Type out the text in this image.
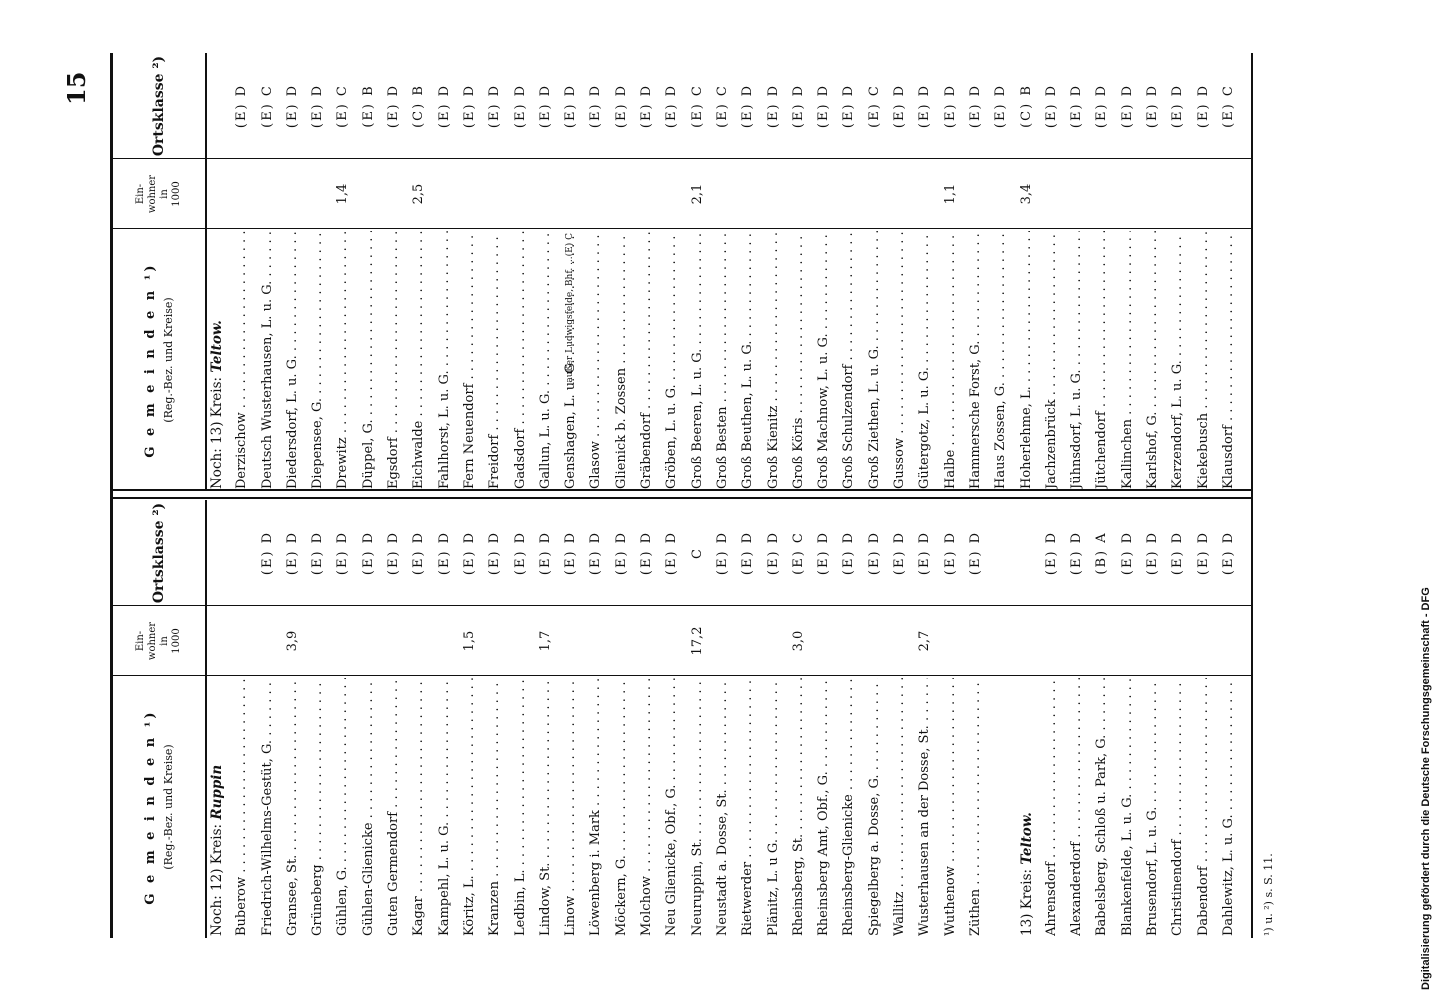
15
G e m e i n d e n ¹) (Reg.-Bez. und Kreise)
Ein-
wohner
in
1000
Ortsklasse ²)
Noch: 12) Kreis: Ruppin
Buberow . . . Friedrich-Wilhelms-Gestüt, G. . . .
(E) D
Gransee, St. . . .
3,9
(E) D
Grüneberg . . .
(E) D
Gühlen, G. . . .
(E) D
Gühlen-Glienicke . . .
(E) D
Guten Germendorf . . .
(E) D
Kagar . . .
(E) D
Kampehl, L. u. G. . . .
(E) D
Köritz, L. . . .
1,5
(E) D
Kranzen . . .
(E) D
Ledbin, L. . . .
(E) D
Lindow, St. . . .
1,7
(E) D
Linow . . .
(E) D
Löwenberg i. Mark . . .
(E) D
Möckern, G. . . .
(E) D
Molchow . . .
(E) D
Neu Glienicke, Obf., G. . . .
(E) D
Neuruppin, St. . . .
17,2
C
Neustadt a. Dosse, St. . . .
(E) D
Rietwerder . . .
(E) D
Plänitz, L. u G. . . .
(E) D
Rheinsberg, St. . . .
3,0
(E) C
Rheinsberg Amt, Obf., G. . . .
(E) D
Rheinsberg-Glienicke . . .
(E) D
Spiegelberg a. Dosse, G. . . .
(E) D
Wallitz . . .
(E) D
Wusterhausen an der Dosse, St. . . .
2,7
(E) D
Wuthenow . . .
(E) D
Züthen . . .
(E) D
13) Kreis: Teltow.
Ahrensdorf . . .
(E) D
Alexanderdorf . . .
(E) D
Babelsberg, Schloß u. Park, G. . . .
(B) A
Blankenfelde, L. u. G. . . .
(E) D
Brusendorf, L. u. G. . . .
(E) D
Christinendorf . . .
(E) D
Dabendorf . . .
(E) D
Dahlewitz, L. u. G. . . .
(E) D
G e m e i n d e n ¹) (Reg.-Bez. und Kreise)
Ein-
wohner
in
1000
Ortsklasse ²)
Noch: 13) Kreis: Teltow.
Derzischow . . .
(E) D
Deutsch Wusterhausen, L. u. G. . . .
(E) C
Diedersdorf, L. u. G. . . .
(E) D
Diepensee, G. . . .
(E) D
Drewitz . . .
1,4
(E) C
Düppel, G. . . .
(E) B
Egsdorf . . .
(E) D
Eichwalde . . .
2,5
(C) B
Fahlhorst, L. u. G. . . .
(E) D
Fern Neuendorf . . .
(E) D
Freidorf . . .
(E) D
Gadsdorf . . .
(E) D
Gallun, L. u. G. . . .
(E) D
Genshagen, L. u. G. . . .
außer Ludwigsfelde, Bhf. ...(E) C
(E) D
Glasow . . .
(E) D
Glienick b. Zossen . . .
(E) D
Gräbendorf . . .
(E) D
Gröben, L. u. G. . . .
(E) D
Groß Beeren, L. u. G. . . .
2,1
(E) C
Groß Besten . . .
(E) C
Groß Beuthen, L. u. G. . . .
(E) D
Groß Kienitz . . .
(E) D
Groß Köris . . .
(E) D
Groß Machnow, L. u. G. . . .
(E) D
Groß Schulzendorf . . .
(E) D
Groß Ziethen, L. u. G. . . .
(E) C
Gussow . . .
(E) D
Gütergotz, L. u. G. . . .
(E) D
Halbe . . .
1,1
(E) D
Hammersche Forst, G. . . .
(E) D
Haus Zossen, G. . . .
(E) D
Hoherlehme, L. . . .
3,4
(C) B
Jachzenbrück . . .
(E) D
Jühnsdorf, L. u. G. . . .
(E) D
Jütchendorf . . .
(E) D
Kallinchen . . .
(E) D
Karlshof, G. . . .
(E) D
Kerzendorf, L. u. G. . . .
(E) D
Kiekebusch . . .
(E) D
Klausdorf . . .
(E) C
¹) u. ²) s. S. 11.	Digitalisierung gefördert durch die Deutsche Forschungsgemeinschaft - DFG
